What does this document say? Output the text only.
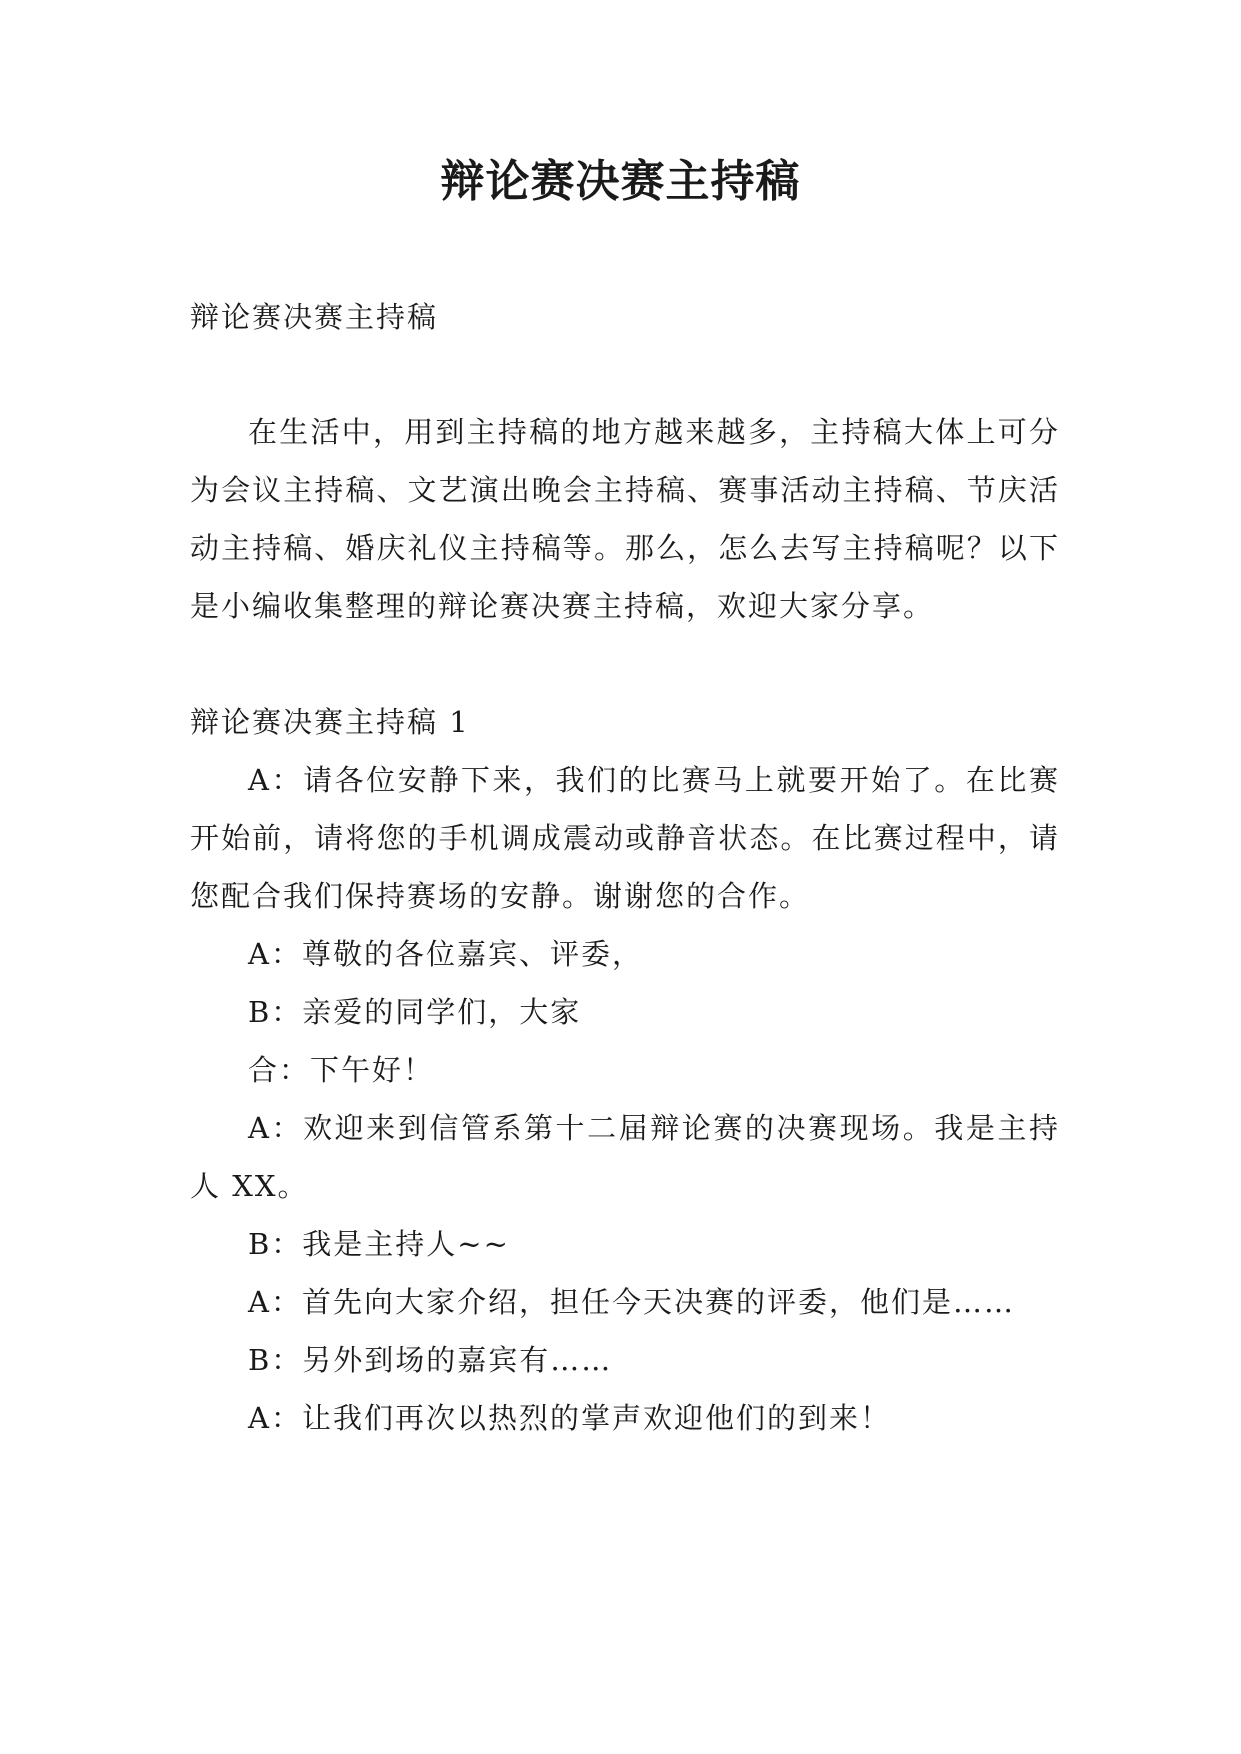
辩论赛决赛主持稿

辩论赛决赛主持稿

在生活中，用到主持稿的地方越来越多，主持稿大体上可分为会议主持稿、文艺演出晚会主持稿、赛事活动主持稿、节庆活动主持稿、婚庆礼仪主持稿等。那么，怎么去写主持稿呢？以下是小编收集整理的辩论赛决赛主持稿，欢迎大家分享。

辩论赛决赛主持稿 1

A：请各位安静下来，我们的比赛马上就要开始了。在比赛开始前，请将您的手机调成震动或静音状态。在比赛过程中，请您配合我们保持赛场的安静。谢谢您的合作。

A：尊敬的各位嘉宾、评委，

B：亲爱的同学们，大家

合：下午好！

A：欢迎来到信管系第十二届辩论赛的决赛现场。我是主持人 XX。

B：我是主持人~~

A：首先向大家介绍，担任今天决赛的评委，他们是……

B：另外到场的嘉宾有……

A：让我们再次以热烈的掌声欢迎他们的到来！
